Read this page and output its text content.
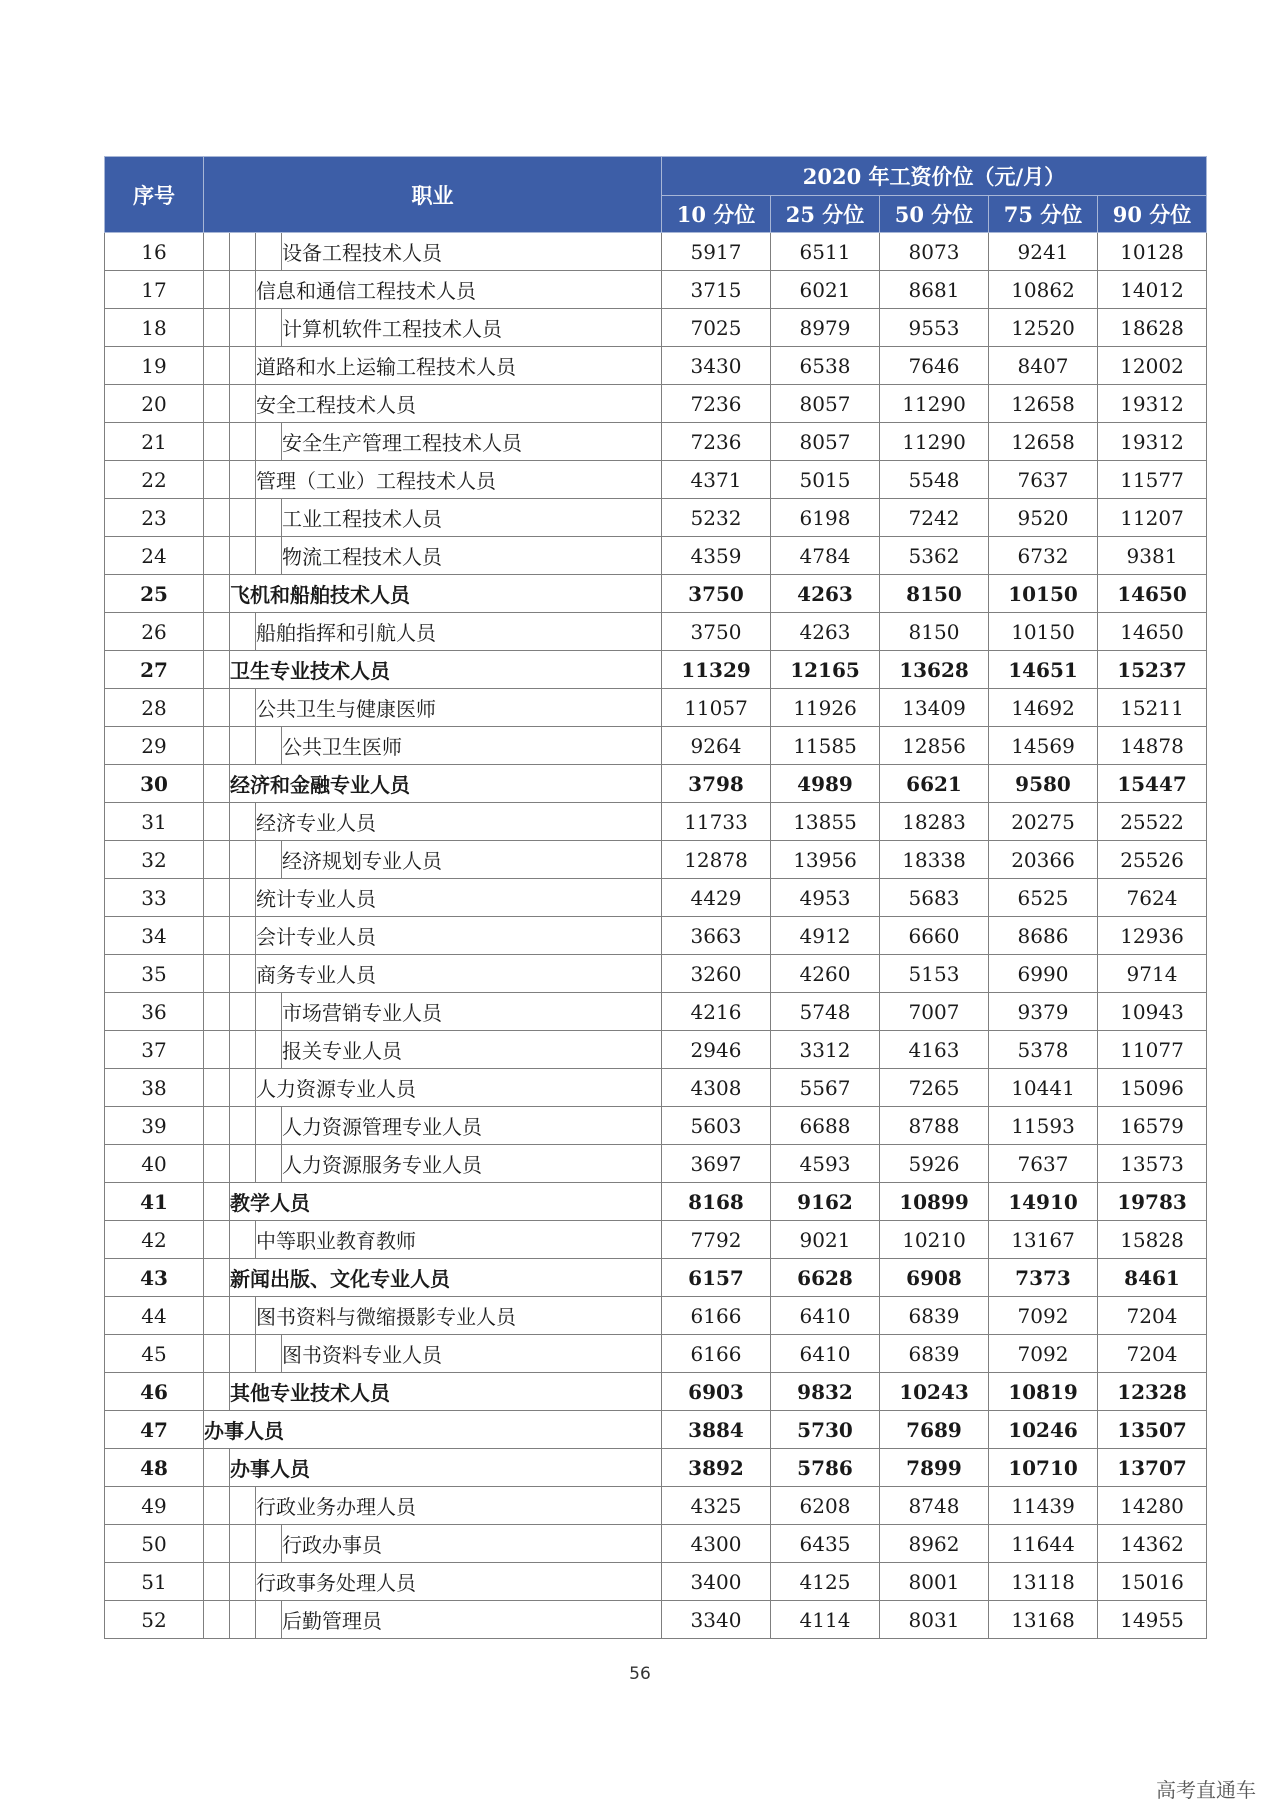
序号	职业				2020 年工资价位（元/月）				
					10 分位	25 分位	50 分位	75 分位	90 分位
16				设备工程技术人员	5917	6511	8073	9241	10128
17			信息和通信工程技术人员		3715	6021	8681	10862	14012
18				计算机软件工程技术人员	7025	8979	9553	12520	18628
19			道路和水上运输工程技术人员		3430	6538	7646	8407	12002
20			安全工程技术人员		7236	8057	11290	12658	19312
21				安全生产管理工程技术人员	7236	8057	11290	12658	19312
22			管理（工业）工程技术人员		4371	5015	5548	7637	11577
23				工业工程技术人员	5232	6198	7242	9520	11207
24				物流工程技术人员	4359	4784	5362	6732	9381
25		飞机和船舶技术人员			3750	4263	8150	10150	14650
26			船舶指挥和引航人员		3750	4263	8150	10150	14650
27		卫生专业技术人员			11329	12165	13628	14651	15237
28			公共卫生与健康医师		11057	11926	13409	14692	15211
29				公共卫生医师	9264	11585	12856	14569	14878
30		经济和金融专业人员			3798	4989	6621	9580	15447
31			经济专业人员		11733	13855	18283	20275	25522
32				经济规划专业人员	12878	13956	18338	20366	25526
33			统计专业人员		4429	4953	5683	6525	7624
34			会计专业人员		3663	4912	6660	8686	12936
35			商务专业人员		3260	4260	5153	6990	9714
36				市场营销专业人员	4216	5748	7007	9379	10943
37				报关专业人员	2946	3312	4163	5378	11077
38			人力资源专业人员		4308	5567	7265	10441	15096
39				人力资源管理专业人员	5603	6688	8788	11593	16579
40				人力资源服务专业人员	3697	4593	5926	7637	13573
41		教学人员			8168	9162	10899	14910	19783
42			中等职业教育教师		7792	9021	10210	13167	15828
43		新闻出版、文化专业人员			6157	6628	6908	7373	8461
44			图书资料与微缩摄影专业人员		6166	6410	6839	7092	7204
45				图书资料专业人员	6166	6410	6839	7092	7204
46		其他专业技术人员			6903	9832	10243	10819	12328
47	办事人员				3884	5730	7689	10246	13507
48		办事人员			3892	5786	7899	10710	13707
49			行政业务办理人员		4325	6208	8748	11439	14280
50				行政办事员	4300	6435	8962	11644	14362
51			行政事务处理人员		3400	4125	8001	13118	15016
52				后勤管理员	3340	4114	8031	13168	14955
56
高考直通车
